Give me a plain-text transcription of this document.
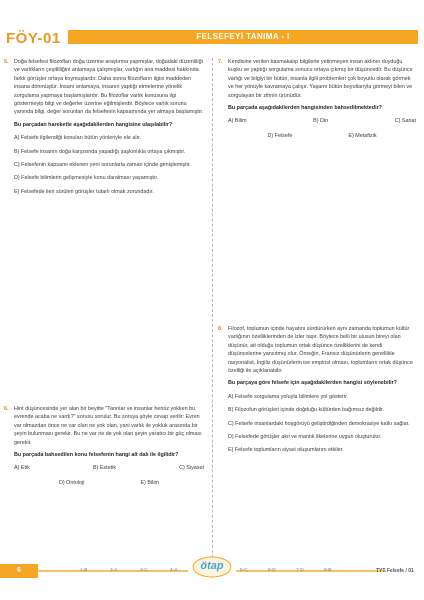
FÖY-01	FELSEFEYİ TANIMA - I
5. Doğa felsefesi filozofları doğa üzerine araştırma yapmışlar, doğadaki düzenliliği ve varlıkların çeşitliliğini anlamaya çalışmışlar, varlığın ana maddesi hakkında farklı görüşler ortaya koymuşlardır. Daha sonra filozofların ilgisi maddeden insana dönmüştür. İnsanı anlamaya, insanın yaptığı etmelerine yönelik sorgulama yapmaya başlamışlardır. Bu filozoflar varlık konusuna ilgi göstermeyip bilgi ve değerler üzerine eğilmişlerdir. Böylece varlık sorunu yanında bilgi, değer sorunları da felsefenin kapsamında yer almaya başlamıştır.

Bu parçadan hareketle aşağıdakilerden hangisine ulaşılabilir?

A) Felsefe ilgilendiği konuları bütün yönleriyle ele alır.
B) Felsefe insanın doğa karşısında yaşadığı şaşkınlıkla ortaya çıkmıştır.
C) Felsefenin kapsamı eklenen yeni sorunlarla zaman içinde genişlemiştir.
D) Felsefe bilimlerin gelişmesiyle konu daralması yaşamıştır.
E) Felsefede ileri sürülen görüşler tutarlı olmak zorundadır.
6. Hint düşüncesinde yer alan bir beyitte "Tanrılar ve insanlar henüz yokken bu evrende acaba ne vardı?" sorusu sorulur. Bu soruya şöyle cevap verilir: Evren var olmazdan önce ne var olan ne yok olan, yani varlık ile yokluk arasında bir şeyin bulunması gerekir. Bu ne var ne de yok olan şeyin yaratıcı bir güç olması gerekir.

Bu parçada bahsedilen konu felsefenin hangi alt dalı ile ilgilidir?

A) Etik	B) Estetik	C) Siyaset
D) Ontoloji	E) Bilim
7. Kendisine verilen basmakalıp bilgilerle yetinmeyen insan aklının duyduğu kuşku ve yaptığı sorgulama sonucu ortaya çıkmış bir düşüncedir. Bu düşünce varlığı ve bilgiyi bir bütün, insanla ilgili problemleri çok boyutlu olarak görmek ve her yönüyle kavramaya çalışır. Yaşamı bütün boyutlarıyla görmeyi bilen ve sorgulayan bir zihnin ürünüdür.

Bu parçada aşağıdakilerden hangisinden bahsedilmektedir?

A) Bilim	B) Din	C) Sanat
D) Felsefe	E) Metafizik
8. Filozof, toplumun içinde hayatını sürdürürken aynı zamanda toplumun kültür varlığının özelliklerinden de izler taşır. Böylece belli bir ulusun bireyi olan düşünür, ait olduğu toplumun ortak düşünce özelliklerini de kendi düşüncelerine yansıtmış olur. Örneğin, Fransız düşünürlerin genellikle rasyonalist, İngiliz düşünürlerin ise empirist olması, toplumların ortak düşünce özelliği ile açıklanabilir.

Bu parçaya göre felsefe için aşağıdakilerden hangisi söylenebilir?

A) Felsefe sorgulama yoluyla bilimlere yol gösterir.
B) Filozofun görüşleri içinde doğduğu kültürden bağımsız değildir.
C) Felsefe insanlardaki hoşgörüyü geliştirdiğinden demokrasiye katkı sağlar.
D) Felsefede görüşler akıl ve mantık ilkelerine uygun oluşturulur.
E) Felsefe toplumların siyasi oluşumlarını etkiler.
6	1-B	2-A	3-C	4-A	ötap	5-C	6-D	7-D	8-B	TYT Felsefe / 01
